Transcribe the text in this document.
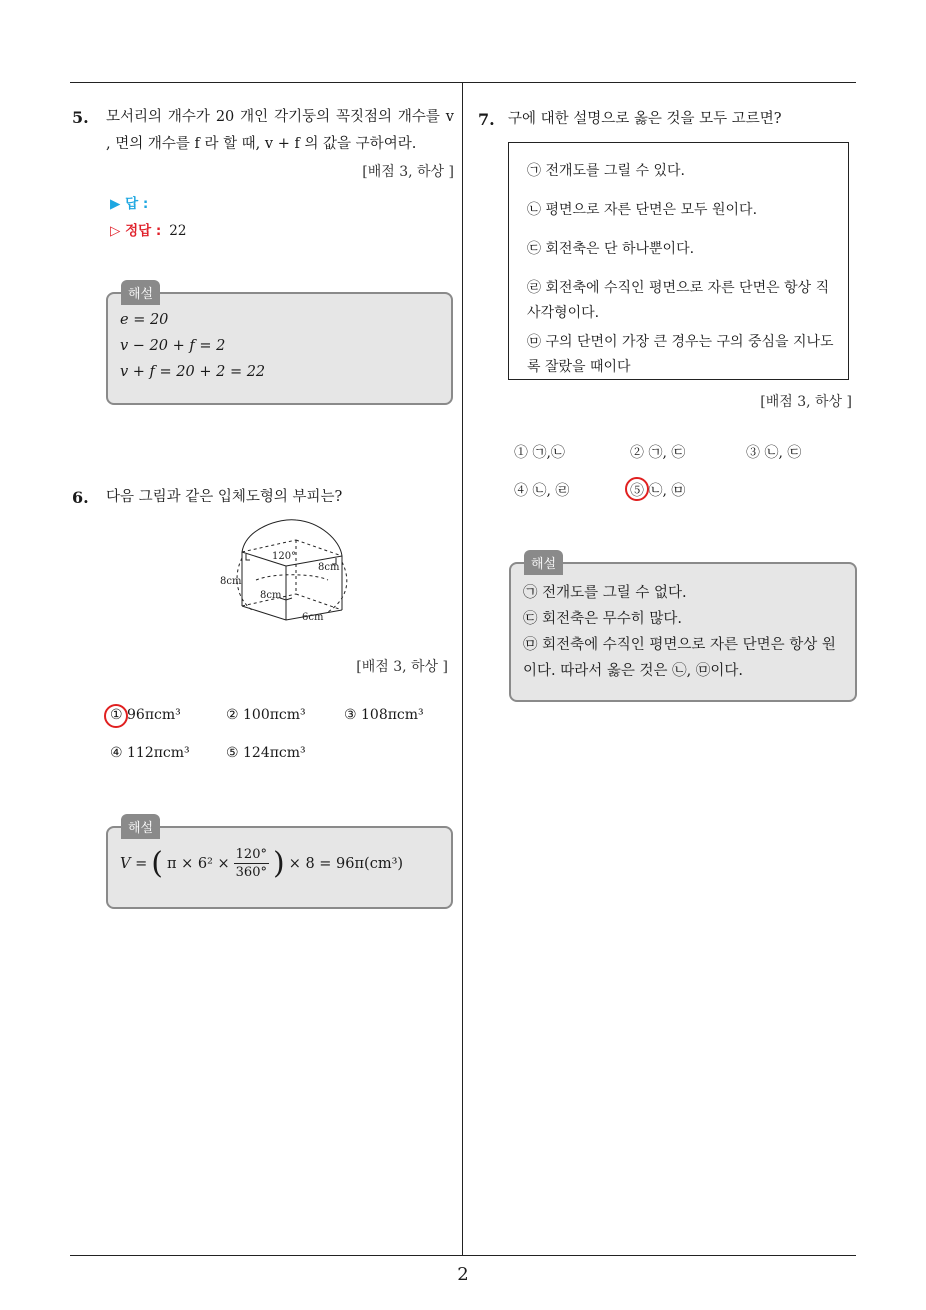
2
5. 모서리의 개수가 20 개인 각기둥의 꼭짓점의 개수를 v , 면의 개수를 f 라 할 때, v + f 의 값을 구하여라.
[배점 3, 하상 ]
▶ 답 :
▷ 정답 : 22
해설
e = 20
v − 20 + f = 2
v + f = 20 + 2 = 22
6. 다음 그림과 같은 입체도형의 부피는?
120°
8cm
8cm
8cm
6cm
[배점 3, 하상 ]
① 96πcm³	② 100πcm³	③ 108πcm³
④ 112πcm³	⑤ 124πcm³
해설
V = ( $\pi \times 6^2 \times \frac{120^\circ}{360^\circ}$ ) × 8 = 96π(cm³)
7. 구에 대한 설명으로 옳은 것을 모두 고르면?
㉠ 전개도를 그릴 수 있다.
㉡ 평면으로 자른 단면은 모두 원이다.
㉢ 회전축은 단 하나뿐이다.
㉣ 회전축에 수직인 평면으로 자른 단면은 항상 직사각형이다.
㉤ 구의 단면이 가장 큰 경우는 구의 중심을 지나도록 잘랐을 때이다
[배점 3, 하상 ]
① ㉠,㉡	② ㉠, ㉢	③ ㉡, ㉢
④ ㉡, ㉣	⑤ ㉡, ㉤
해설
㉠ 전개도를 그릴 수 없다.
㉢ 회전축은 무수히 많다.
㉤ 회전축에 수직인 평면으로 자른 단면은 항상 원이다. 따라서 옳은 것은 ㉡, ㉤이다.
